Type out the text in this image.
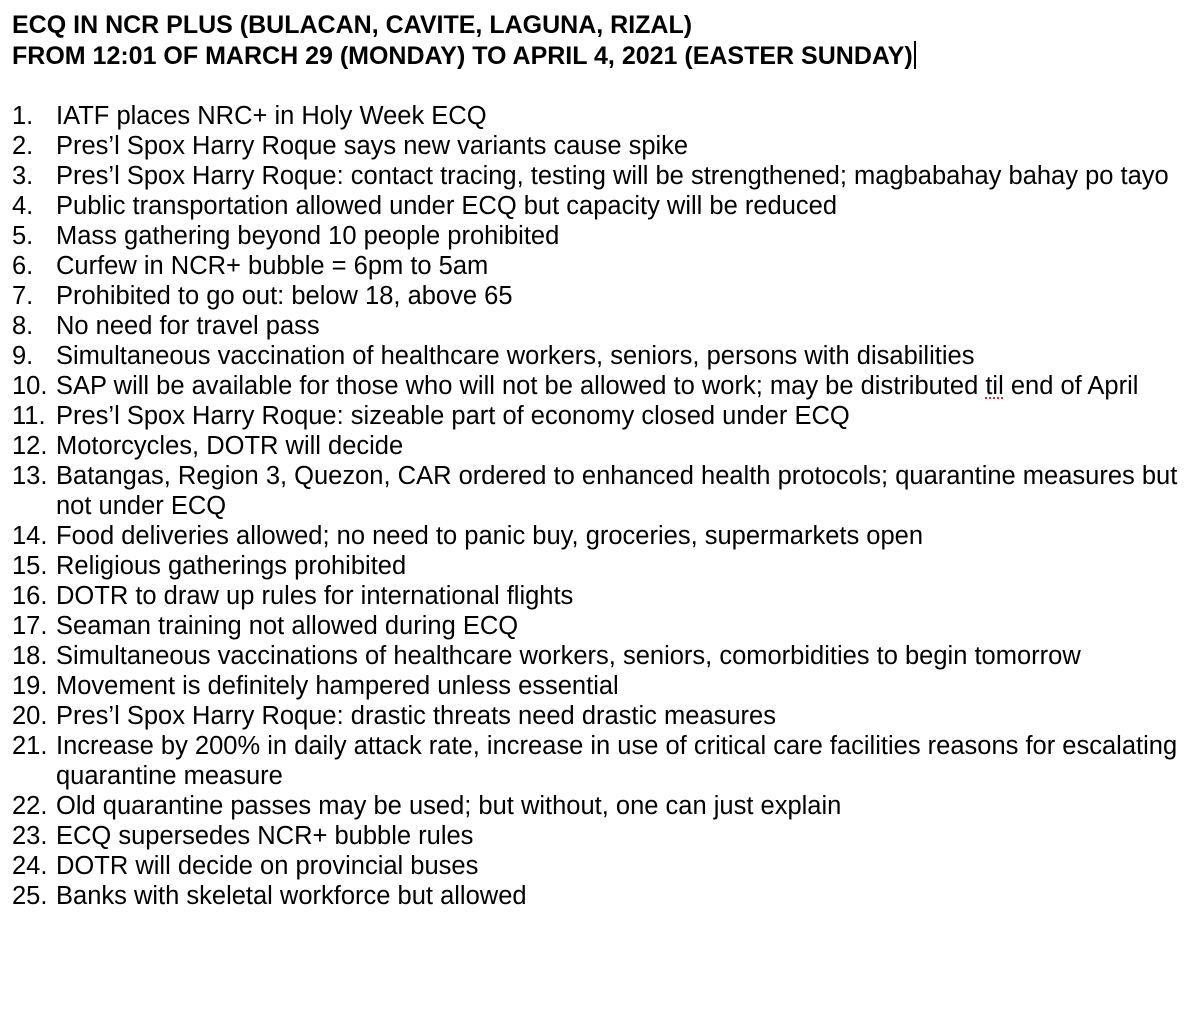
ECQ IN NCR PLUS (BULACAN, CAVITE, LAGUNA, RIZAL)
FROM 12:01 OF MARCH 29 (MONDAY) TO APRIL 4, 2021 (EASTER SUNDAY)
1. IATF places NRC+ in Holy Week ECQ
2. Pres’l Spox Harry Roque says new variants cause spike
3. Pres’l Spox Harry Roque: contact tracing, testing will be strengthened; magbabahay bahay po tayo
4. Public transportation allowed under ECQ but capacity will be reduced
5. Mass gathering beyond 10 people prohibited
6. Curfew in NCR+ bubble = 6pm to 5am
7. Prohibited to go out: below 18, above 65
8. No need for travel pass
9. Simultaneous vaccination of healthcare workers, seniors, persons with disabilities
10. SAP will be available for those who will not be allowed to work; may be distributed til end of April
11. Pres’l Spox Harry Roque: sizeable part of economy closed under ECQ
12. Motorcycles, DOTR will decide
13. Batangas, Region 3, Quezon, CAR ordered to enhanced health protocols; quarantine measures but not under ECQ
14. Food deliveries allowed; no need to panic buy, groceries, supermarkets open
15. Religious gatherings prohibited
16. DOTR to draw up rules for international flights
17. Seaman training not allowed during ECQ
18. Simultaneous vaccinations of healthcare workers, seniors, comorbidities to begin tomorrow
19. Movement is definitely hampered unless essential
20. Pres’l Spox Harry Roque: drastic threats need drastic measures
21. Increase by 200% in daily attack rate, increase in use of critical care facilities reasons for escalating quarantine measure
22. Old quarantine passes may be used; but without, one can just explain
23. ECQ supersedes NCR+ bubble rules
24. DOTR will decide on provincial buses
25. Banks with skeletal workforce but allowed
